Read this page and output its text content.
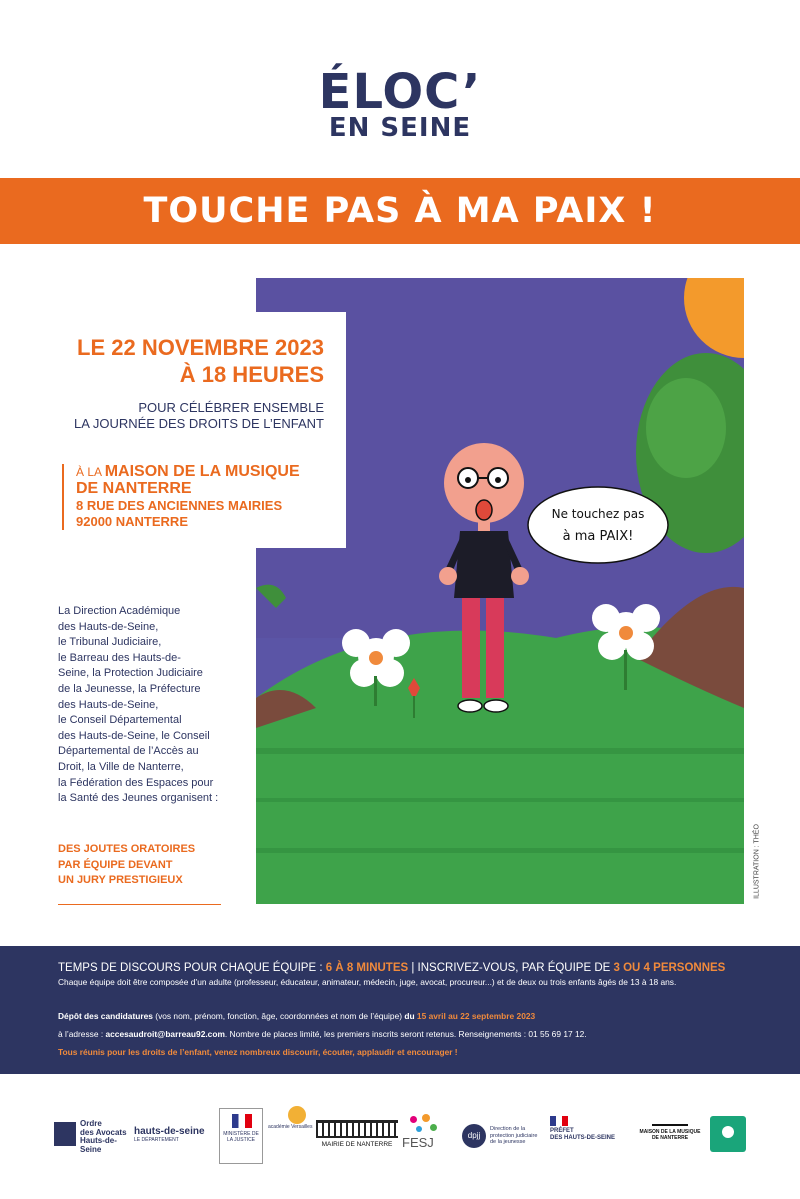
ÉLOC’
EN SEINE
TOUCHE PAS À MA PAIX !
Ne touchez pas
à ma PAIX!
LE 22 NOVEMBRE 2023
À 18 HEURES
POUR CÉLÉBRER ENSEMBLE
LA JOURNÉE DES DROITS DE L’ENFANT
À LA MAISON DE LA MUSIQUE
DE NANTERRE
8 RUE DES ANCIENNES MAIRIES
92000 NANTERRE
La Direction Académique
des Hauts-de-Seine,
le Tribunal Judiciaire,
le Barreau des Hauts-de-
Seine, la Protection Judiciaire
de la Jeunesse, la Préfecture
des Hauts-de-Seine,
le Conseil Départemental
des Hauts-de-Seine, le Conseil
Départemental de l’Accès au
Droit, la Ville de Nanterre,
la Fédération des Espaces pour
la Santé des Jeunes organisent :
DES JOUTES ORATOIRES
PAR ÉQUIPE DEVANT
UN JURY PRESTIGIEUX	ILLUSTRATION : THÉO
TEMPS DE DISCOURS POUR CHAQUE ÉQUIPE : 6 À 8 MINUTES | INSCRIVEZ-VOUS, PAR ÉQUIPE DE 3 OU 4 PERSONNES
Chaque équipe doit être composée d’un adulte (professeur, éducateur, animateur, médecin, juge, avocat, procureur...) et de deux ou trois enfants âgés de 13 à 18 ans.
Dépôt des candidatures (vos nom, prénom, fonction, âge, coordonnées et nom de l’équipe) du 15 avril au 22 septembre 2023
à l’adresse : accesaudroit@barreau92.com. Nombre de places limité, les premiers inscrits seront retenus. Renseignements : 01 55 69 17 12.
Tous réunis pour les droits de l’enfant, venez nombreux discourir, écouter, applaudir et encourager !
Ordre
des Avocats
Hauts-de-Seine
hauts-de-seine
LE DÉPARTEMENT
MINISTÈRE DE
LA JUSTICE
académie Versailles
MAIRIE DE NANTERRE FESJ	dpjj
Direction de la
protection judiciaire
de la jeunesse
PRÉFET
DES HAUTS-DE-SEINE
MAISON DE LA MUSIQUE
DE NANTERRE
